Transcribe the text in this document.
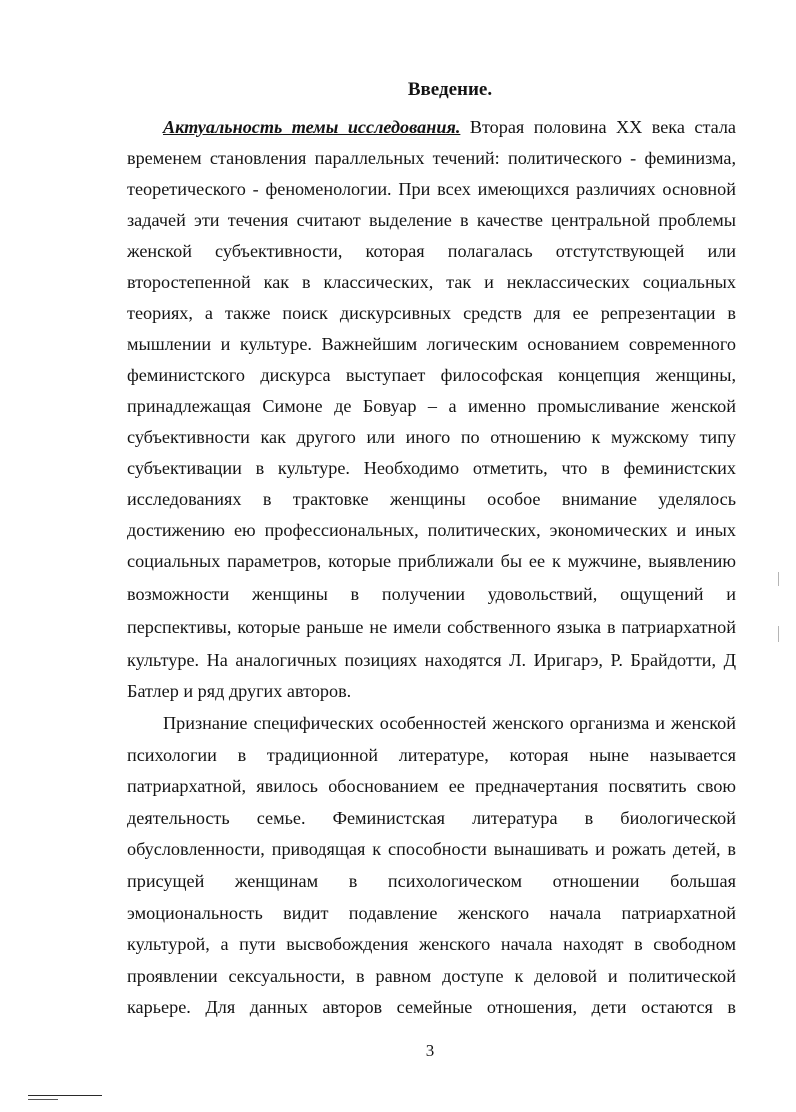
Введение.

Актуальность темы исследования. Вторая половина XX века стала

временем становления параллельных течений: политического - феминизма,

теоретического - феноменологии. При всех имеющихся различиях основной

задачей эти течения считают выделение в качестве центральной проблемы

женской субъективности, которая полагалась отстутствующей или

второстепенной как в классических, так и неклассических социальных

теориях, а также поиск дискурсивных средств для ее репрезентации в

мышлении и культуре. Важнейшим логическим основанием современного

феминистского дискурса выступает философская концепция женщины,

принадлежащая Симоне де Бовуар – а именно промысливание женской

субъективности как другого или иного по отношению к мужскому типу

субъективации в культуре. Необходимо отметить, что в феминистских

исследованиях в трактовке женщины особое внимание уделялось

достижению ею профессиональных, политических, экономических и иных

социальных параметров, которые приближали бы ее к мужчине, выявлению

возможности женщины в получении удовольствий, ощущений и

перспективы, которые раньше не имели собственного языка в патриархатной

культуре. На аналогичных позициях находятся Л. Иригарэ, Р. Брайдотти, Д

Батлер и ряд других авторов.

Признание специфических особенностей женского организма и женской

психологии в традиционной литературе, которая ныне называется

патриархатной, явилось обоснованием ее предначертания посвятить свою

деятельность семье. Феминистская литература в биологической

обусловленности, приводящая к способности вынашивать и рожать детей, в

присущей женщинам в психологическом отношении большая

эмоциональность видит подавление женского начала патриархатной

культурой, а пути высвобождения женского начала находят в свободном

проявлении сексуальности, в равном доступе к деловой и политической

карьере. Для данных авторов семейные отношения, дети остаются в

3
